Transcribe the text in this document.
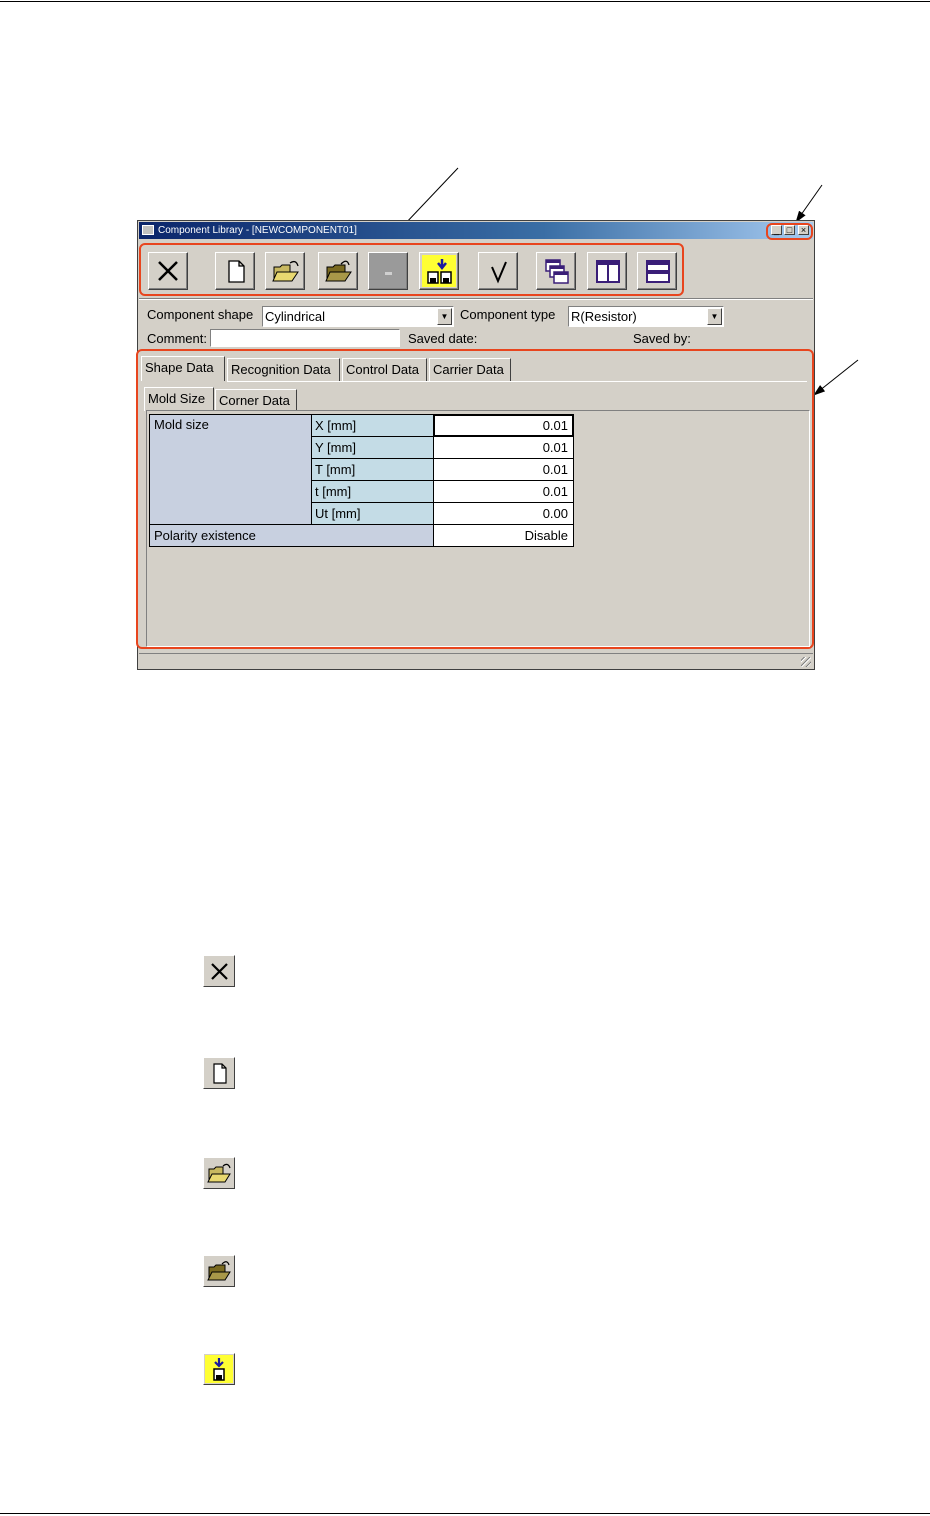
Component Library - [NEWCOMPONENT01]	_ □ ×
Component shape Cylindrical	▼ Component type R(Resistor)	▼
Comment:	Saved date:	Saved by:
Shape Data	Recognition Data	Control Data	Carrier Data
Mold Size	Corner Data
Mold size	X [mm]	0.01
Y [mm]	0.01
T [mm]	0.01
t [mm]	0.01
Ut [mm]	0.00
Polarity existence	Disable
